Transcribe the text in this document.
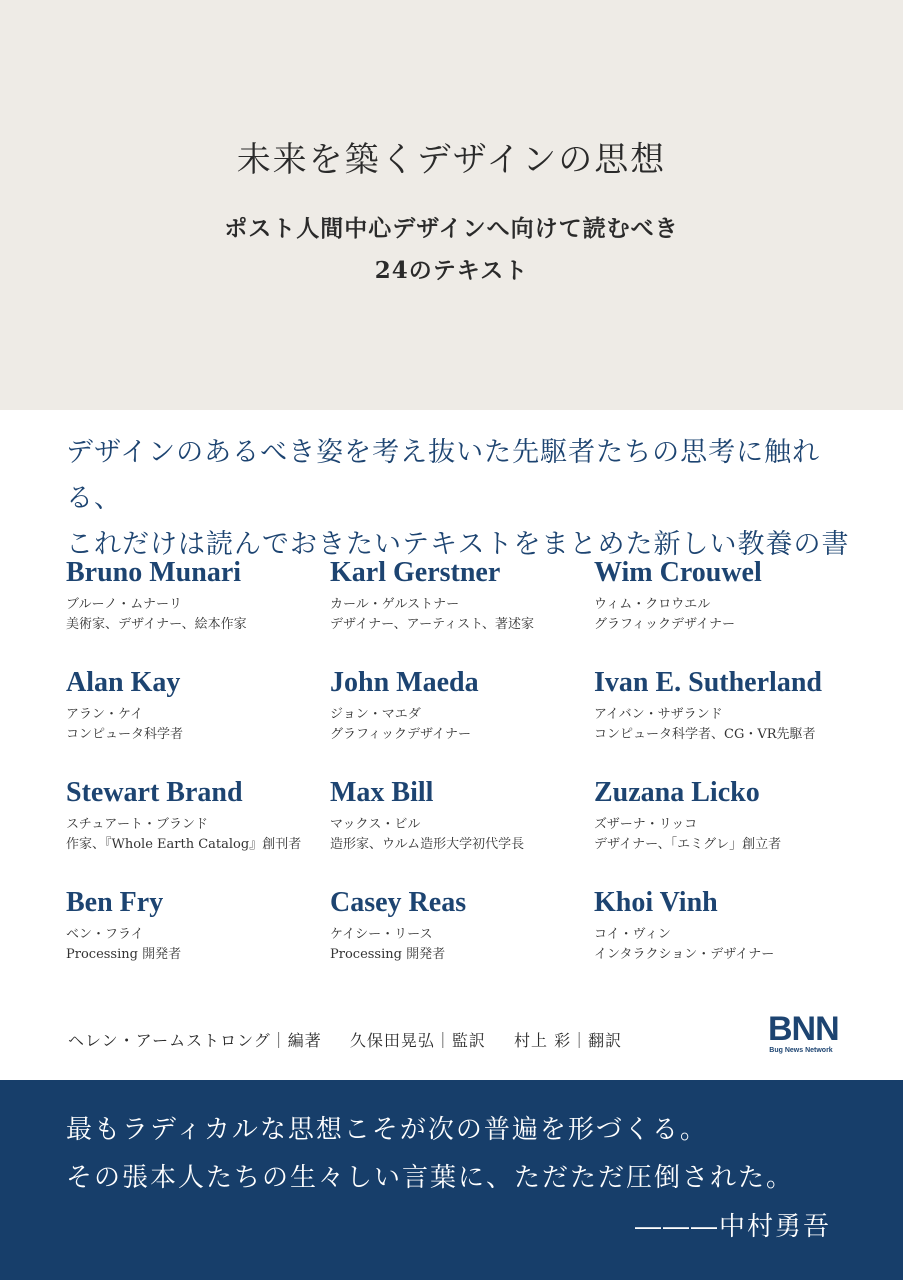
未来を築くデザインの思想
ポスト人間中心デザインへ向けて読むべき
24のテキスト
デザインのあるべき姿を考え抜いた先駆者たちの思考に触れる、
これだけは読んでおきたいテキストをまとめた新しい教養の書
Bruno Munari
ブルーノ・ムナーリ
美術家、デザイナー、絵本作家
Karl Gerstner
カール・ゲルストナー
デザイナー、アーティスト、著述家
Wim Crouwel
ウィム・クロウエル
グラフィックデザイナー
Alan Kay
アラン・ケイ
コンピュータ科学者
John Maeda
ジョン・マエダ
グラフィックデザイナー
Ivan E. Sutherland
アイバン・サザランド
コンピュータ科学者、CG・VR先駆者
Stewart Brand
スチュアート・ブランド
作家、『Whole Earth Catalog』創刊者
Max Bill
マックス・ビル
造形家、ウルム造形大学初代学長
Zuzana Licko
ズザーナ・リッコ
デザイナー、「エミグレ」創立者
Ben Fry
ベン・フライ
Processing 開発者
Casey Reas
ケイシー・リース
Processing 開発者
Khoi Vinh
コイ・ヴィン
インタラクション・デザイナー
ヘレン・アームストロング｜編著 久保田晃弘｜監訳 村上 彩｜翻訳	BNN
Bug News Network
最もラディカルな思想こそが次の普遍を形づくる。
その張本人たちの生々しい言葉に、ただただ圧倒された。
―――中村勇吾
